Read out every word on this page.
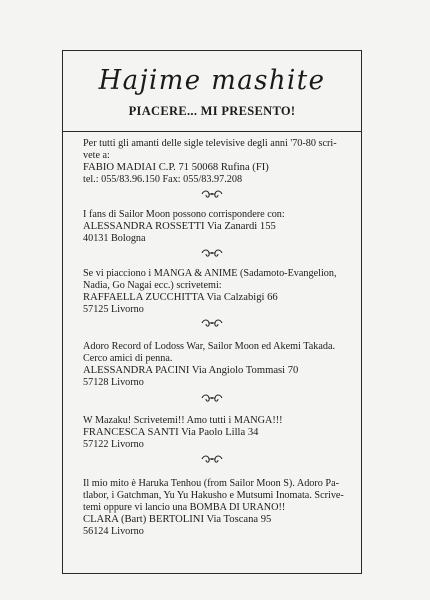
Hajime mashite
PIACERE... MI PRESENTO!
Per tutti gli amanti delle sigle televisive degli anni '70-80 scri-
vete a:
FABIO MADIAI C.P. 71 50068 Rufina (FI)
tel.: 055/83.96.150 Fax: 055/83.97.208
I fans di Sailor Moon possono corrispondere con:
ALESSANDRA ROSSETTI Via Zanardi 155
40131 Bologna
Se vi piacciono i MANGA & ANIME (Sadamoto-Evangelion,
Nadia, Go Nagai ecc.) scrivetemi:
RAFFAELLA ZUCCHITTA Via Calzabigi 66
57125 Livorno
Adoro Record of Lodoss War, Sailor Moon ed Akemi Takada.
Cerco amici di penna.
ALESSANDRA PACINI Via Angiolo Tommasi 70
57128 Livorno
W Mazaku! Scrivetemi!! Amo tutti i MANGA!!!
FRANCESCA SANTI Via Paolo Lilla 34
57122 Livorno
Il mio mito è Haruka Tenhou (from Sailor Moon S). Adoro Pa-
tlabor, i Gatchman, Yu Yu Hakusho e Mutsumi Inomata. Scrive-
temi oppure vi lancio una BOMBA DI URANO!!
CLARA (Bart) BERTOLINI Via Toscana 95
56124 Livorno
